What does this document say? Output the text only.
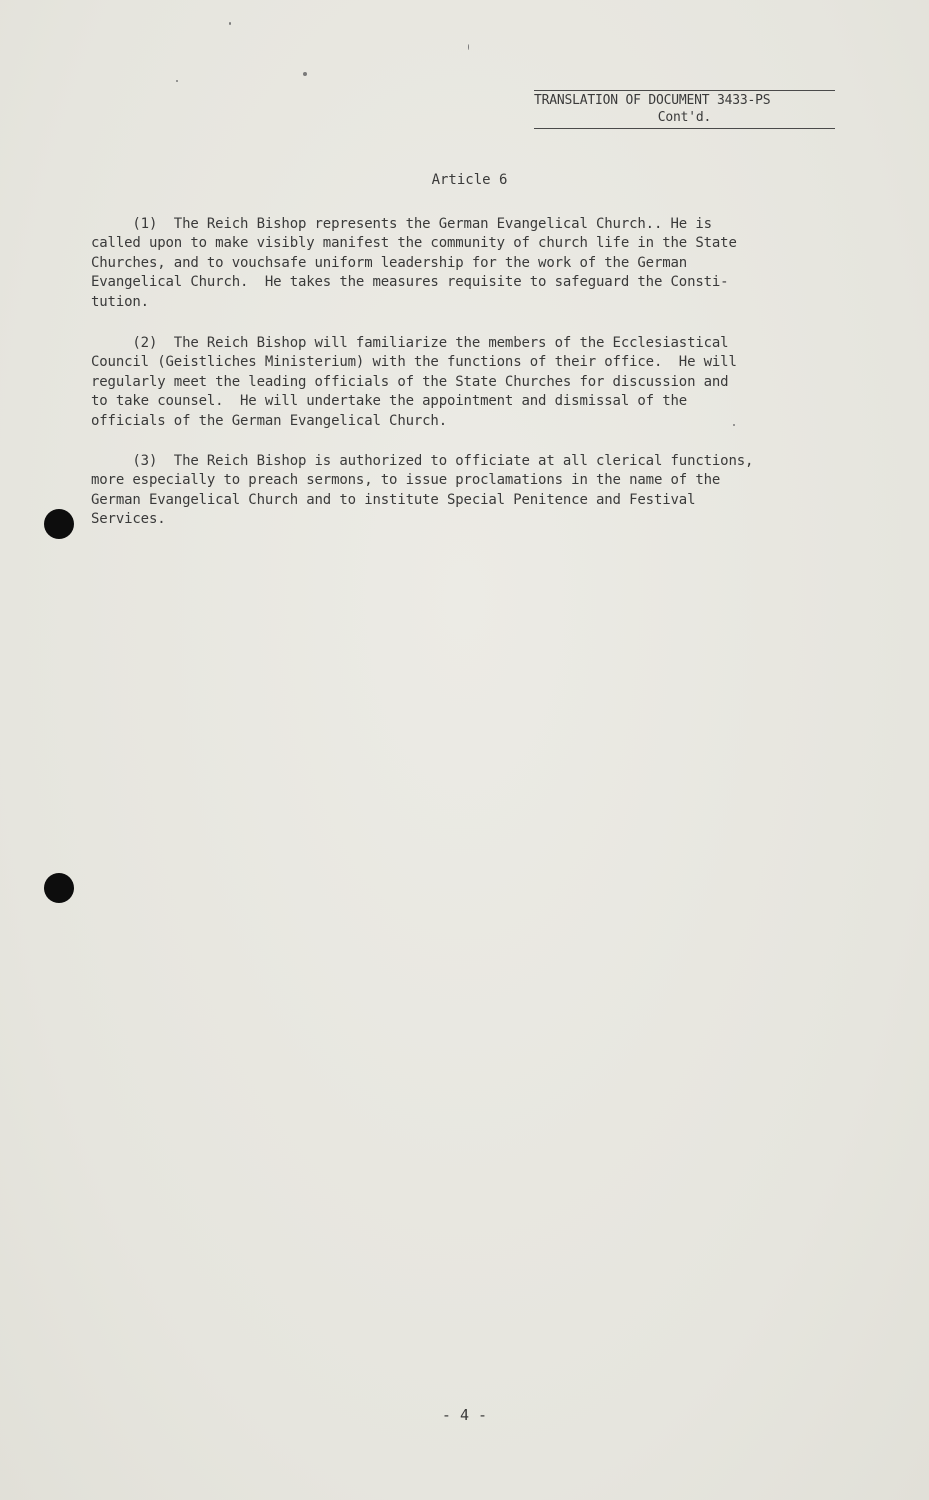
TRANSLATION OF DOCUMENT 3433-PS
Cont'd.
Article 6
(1)  The Reich Bishop represents the German Evangelical Church.. He is
called upon to make visibly manifest the community of church life in the State
Churches, and to vouchsafe uniform leadership for the work of the German
Evangelical Church.  He takes the measures requisite to safeguard the Consti-
tution.
(2)  The Reich Bishop will familiarize the members of the Ecclesiastical
Council (Geistliches Ministerium) with the functions of their office.  He will
regularly meet the leading officials of the State Churches for discussion and
to take counsel.  He will undertake the appointment and dismissal of the
officials of the German Evangelical Church.
(3)  The Reich Bishop is authorized to officiate at all clerical functions,
more especially to preach sermons, to issue proclamations in the name of the
German Evangelical Church and to institute Special Penitence and Festival
Services.
- 4 -
